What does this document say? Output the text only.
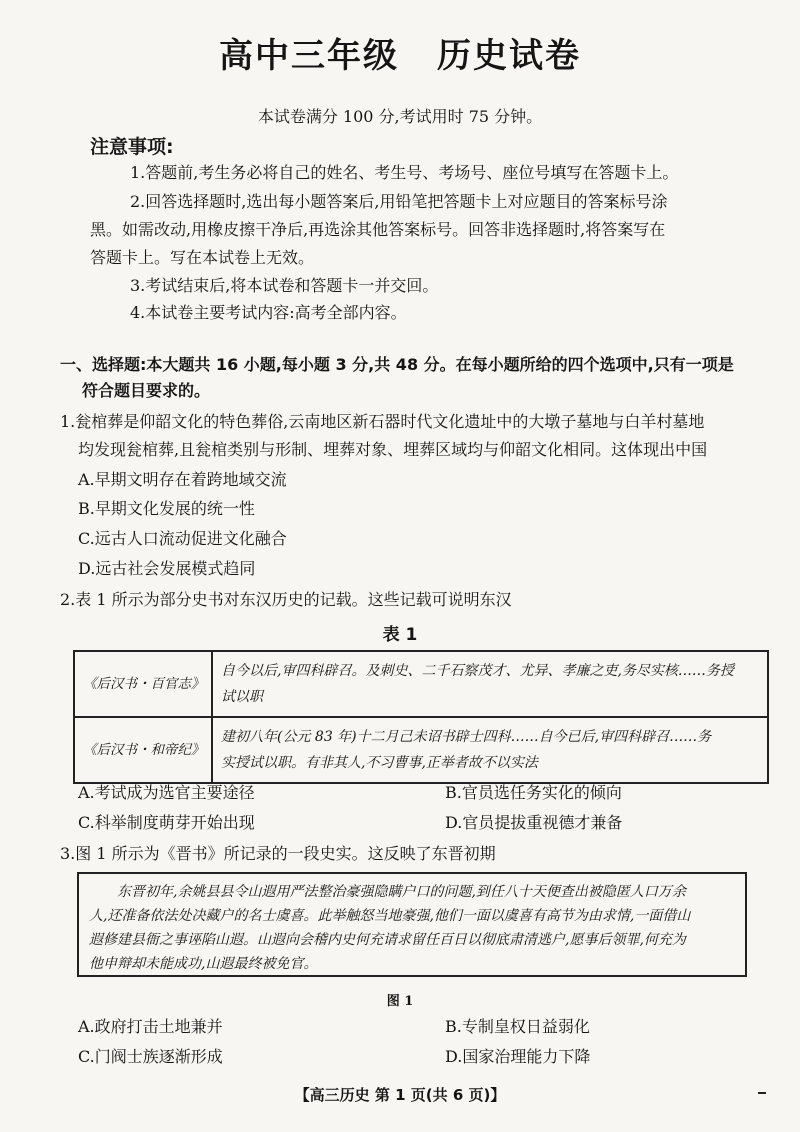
高中三年级 历史试卷
本试卷满分 100 分,考试用时 75 分钟。
注意事项:
1.答题前,考生务必将自己的姓名、考生号、考场号、座位号填写在答题卡上。
2.回答选择题时,选出每小题答案后,用铅笔把答题卡上对应题目的答案标号涂
黑。如需改动,用橡皮擦干净后,再选涂其他答案标号。回答非选择题时,将答案写在
答题卡上。写在本试卷上无效。
3.考试结束后,将本试卷和答题卡一并交回。
4.本试卷主要考试内容:高考全部内容。
一、选择题:本大题共 16 小题,每小题 3 分,共 48 分。在每小题所给的四个选项中,只有一项是
符合题目要求的。
1.瓮棺葬是仰韶文化的特色葬俗,云南地区新石器时代文化遗址中的大墩子墓地与白羊村墓地
均发现瓮棺葬,且瓮棺类别与形制、埋葬对象、埋葬区域均与仰韶文化相同。这体现出中国
A.早期文明存在着跨地域交流
B.早期文化发展的统一性
C.远古人口流动促进文化融合
D.远古社会发展模式趋同
2.表 1 所示为部分史书对东汉历史的记载。这些记载可说明东汉
表 1
《后汉书・百官志》	自今以后,审四科辟召。及刺史、二千石察茂才、尤异、孝廉之吏,务尽实核……务授
试以职

《后汉书・和帝纪》	建初八年(公元 83 年)十二月己未诏书辟士四科……自今已后,审四科辟召……务
实授试以职。有非其人,不习曹事,正举者故不以实法
A.考试成为选官主要途径	B.官员选任务实化的倾向
C.科举制度萌芽开始出现	D.官员提拔重视德才兼备
3.图 1 所示为《晋书》所记录的一段史实。这反映了东晋初期

东晋初年,余姚县县令山遐用严法整治豪强隐瞒户口的问题,到任八十天便查出被隐匿人口万余

人,还准备依法处决藏户的名士虞喜。此举触怒当地豪强,他们一面以虞喜有高节为由求情,一面借山
遐修建县衙之事诬陷山遐。山遐向会稽内史何充请求留任百日以彻底肃清逃户,愿事后领罪,何充为
他申辩却未能成功,山遐最终被免官。
图 1
A.政府打击土地兼并	B.专制皇权日益弱化
C.门阀士族逐渐形成	D.国家治理能力下降
【高三历史 第 1 页(共 6 页)】
